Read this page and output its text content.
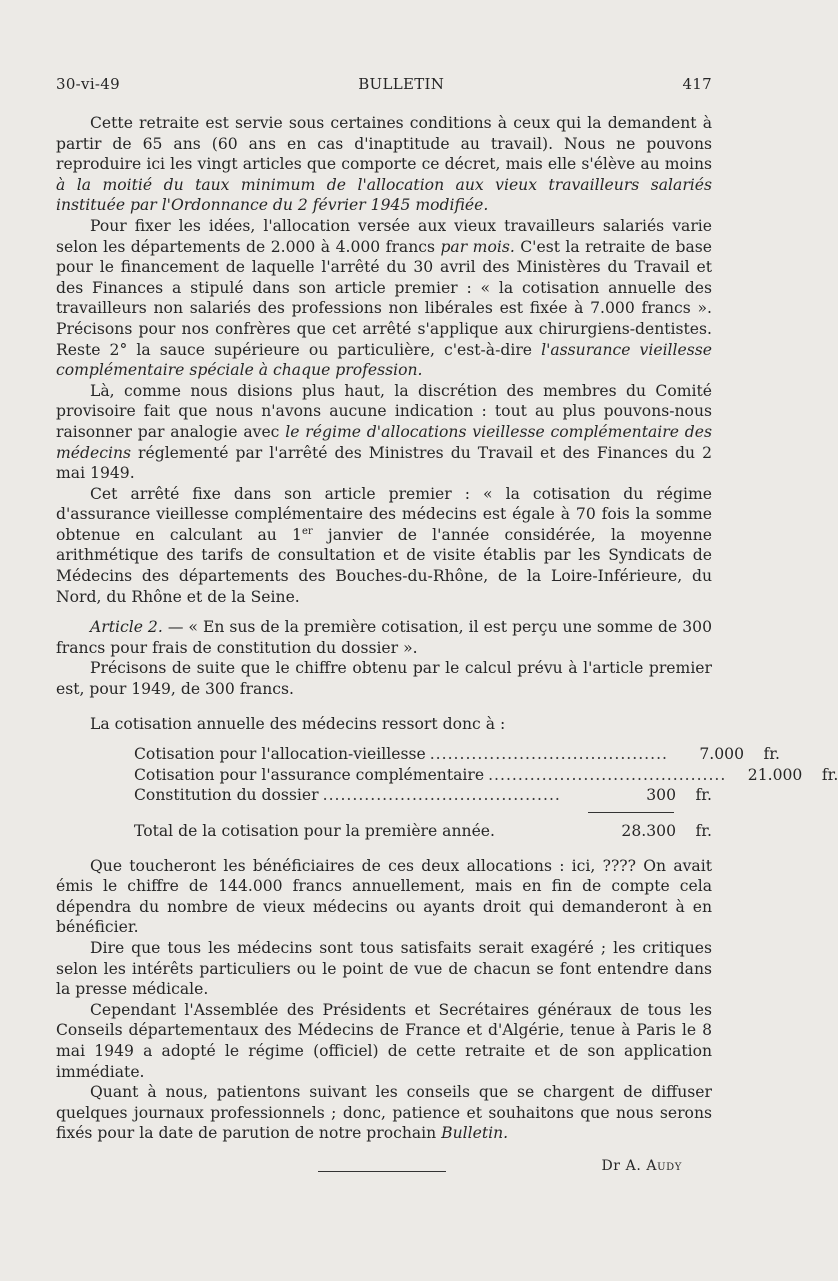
30-vi-49	BULLETIN	417

Cette retraite est servie sous certaines conditions à ceux qui la demandent à partir de 65 ans (60 ans en cas d'inaptitude au travail). Nous ne pouvons reproduire ici les vingt articles que comporte ce décret, mais elle s'élève au moins à la moitié du taux minimum de l'allocation aux vieux travailleurs salariés instituée par l'Ordonnance du 2 février 1945 modifiée.

Pour fixer les idées, l'allocation versée aux vieux travailleurs salariés varie selon les départements de 2.000 à 4.000 francs par mois. C'est la retraite de base pour le financement de laquelle l'arrêté du 30 avril des Ministères du Travail et des Finances a stipulé dans son article premier : « la cotisation annuelle des travailleurs non salariés des professions non libérales est fixée à 7.000 francs ». Précisons pour nos confrères que cet arrêté s'applique aux chirurgiens-dentistes. Reste 2° la sauce supérieure ou particulière, c'est-à-dire l'assurance vieillesse complémentaire spéciale à chaque profession.

Là, comme nous disions plus haut, la discrétion des membres du Comité provisoire fait que nous n'avons aucune indication : tout au plus pouvons-nous raisonner par analogie avec le régime d'allocations vieillesse complémentaire des médecins réglementé par l'arrêté des Ministres du Travail et des Finances du 2 mai 1949.

Cet arrêté fixe dans son article premier : « la cotisation du régime d'assurance vieillesse complémentaire des médecins est égale à 70 fois la somme obtenue en calculant au 1er janvier de l'année considérée, la moyenne arithmétique des tarifs de consultation et de visite établis par les Syndicats de Médecins des départements des Bouches-du-Rhône, de la Loire-Inférieure, du Nord, du Rhône et de la Seine.

Article 2. — « En sus de la première cotisation, il est perçu une somme de 300 francs pour frais de constitution du dossier ».

Précisons de suite que le chiffre obtenu par le calcul prévu à l'article premier est, pour 1949, de 300 francs.

La cotisation annuelle des médecins ressort donc à :

Cotisation pour l'allocation-vieillesse ........................................	7.000	fr.
Cotisation pour l'assurance complémentaire ........................................	21.000	fr.
Constitution du dossier ........................................	300	fr.
Total de la cotisation pour la première année.	28.300	fr.

Que toucheront les bénéficiaires de ces deux allocations : ici, ???? On avait émis le chiffre de 144.000 francs annuellement, mais en fin de compte cela dépendra du nombre de vieux médecins ou ayants droit qui demanderont à en bénéficier.

Dire que tous les médecins sont tous satisfaits serait exagéré ; les critiques selon les intérêts particuliers ou le point de vue de chacun se font entendre dans la presse médicale.

Cependant l'Assemblée des Présidents et Secrétaires généraux de tous les Conseils départementaux des Médecins de France et d'Algérie, tenue à Paris le 8 mai 1949 a adopté le régime (officiel) de cette retraite et de son application immédiate.

Quant à nous, patientons suivant les conseils que se chargent de diffuser quelques journaux professionnels ; donc, patience et souhaitons que nous serons fixés pour la date de parution de notre prochain Bulletin.

Dr A. Audy
